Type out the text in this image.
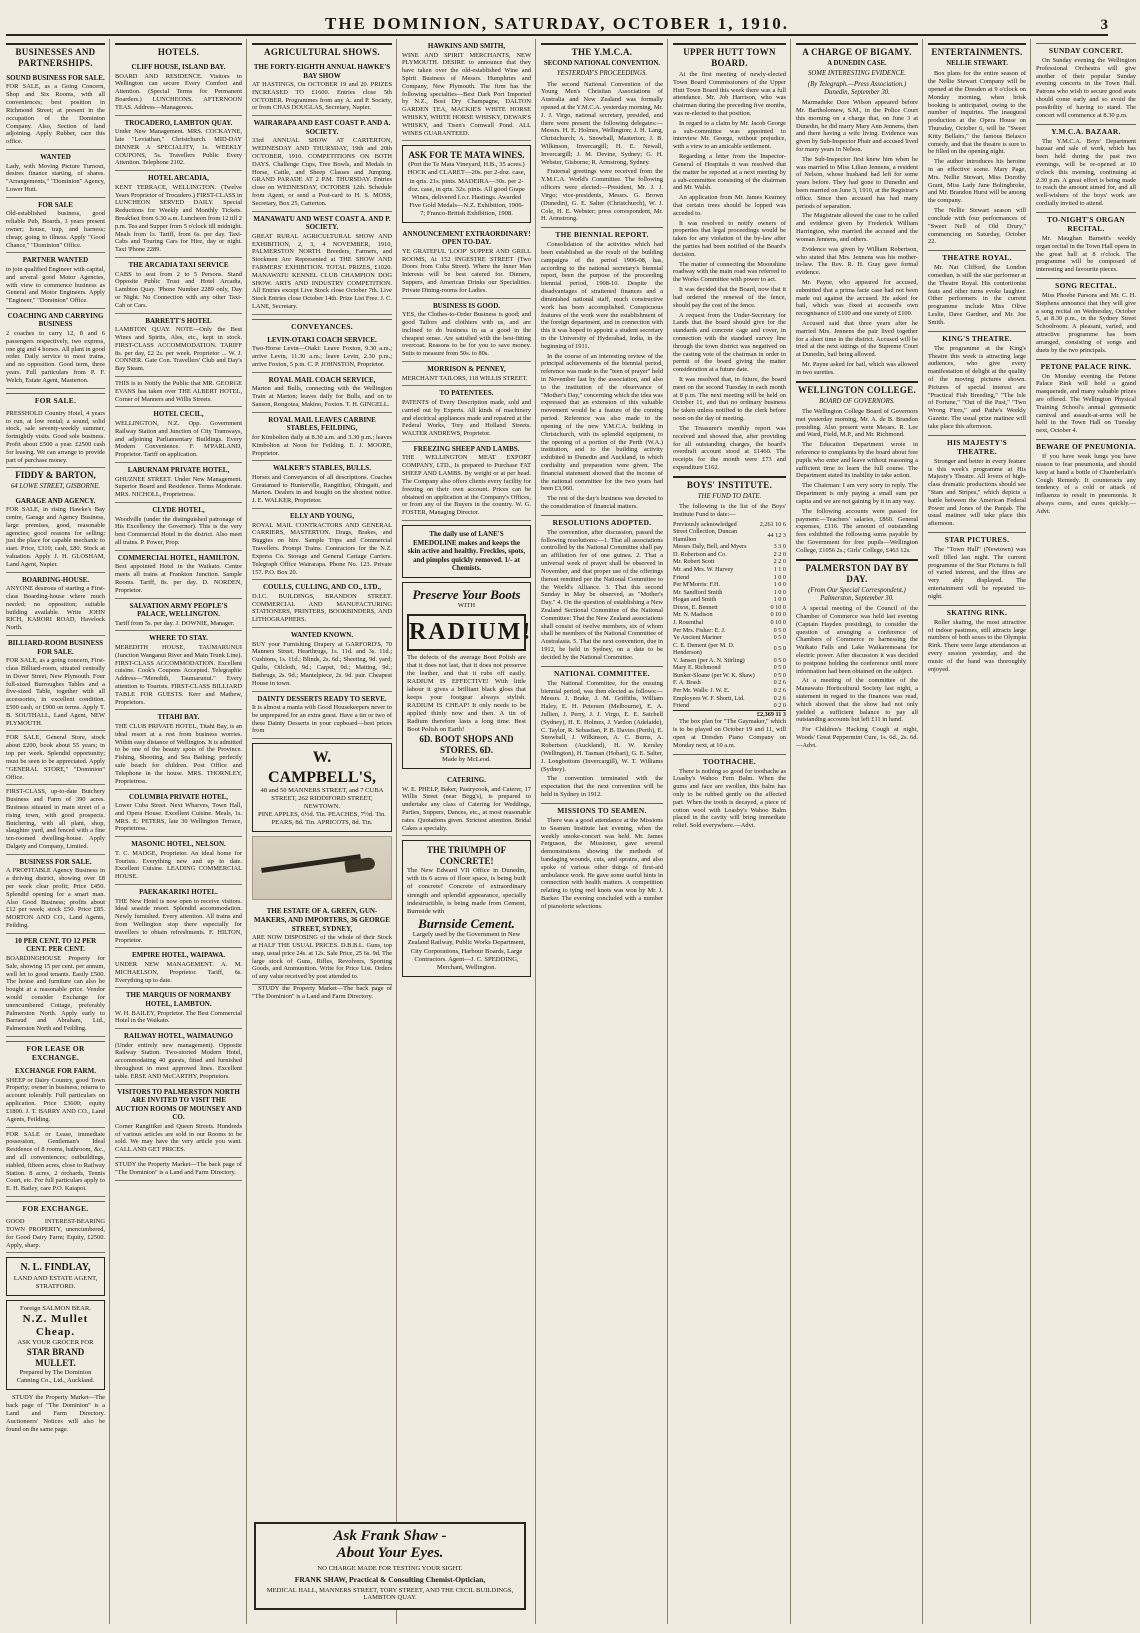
THE DOMINION, SATURDAY, OCTOBER 1, 1910.	3
BUSINESSES AND PARTNERSHIPS.
SOUND BUSINESS FOR SALE.
FOR SALE, as a Going Concern, Shop and Six Rooms, with all conveniences; best position in Richmond Street; at present in the occupation of the Dominion Company. Also, Section of land adjoining. Apply Rubber, care this office.
WANTED
Lady, with Moving Picture Turnout, desires finance starting, of shares. "Arrangements," "Dominion" Agency, Lower Hutt.
FOR SALE
Old-established business, good reliable Pub, Boards, 3 years present owner; house, trap, and harness; cheap; going to illness. Apply "Good Chance," "Dominion" Office.
PARTNER WANTED
to join qualified Engineer with capital, and several good Motor Agencies, with view to commence business as General and Motor Engineers. Apply "Engineer," "Dominion" Office.
COACHING AND CARRYING BUSINESS
2 coaches to carry 12, 8 and 6 passengers respectively, two express, one gig and 4 horses. All plant in good order. Daily service to most trains, and no opposition. Good term, three years. Full particulars from P. F. Welch, Estate Agent, Masterton.
FOR SALE.
PRESSHOLD Country Hotel, 4 years to run, at low rental; a sound, solid stock, sale seventy-weekly summer, fortnightly visits. Good sole business. Profit about £500 a year. £2500 cash for leasing. We can arrange to provide part of purchase money.
FIDDY & BARTON,
64 LOWE STREET, GISBORNE.
GARAGE AND AGENCY.
FOR SALE, in rising Hawke's Bay centre, Garage and Agency Business, large premises, good, reasonable agencies; good reasons for selling; just the place for capable mechanic to start. Price, £310; cash, £80. Stock at valuation. Apply J. H. GLOSHAM, Land Agent, Napier.
BOARDING-HOUSE.
ANYONE desirous of starting a First-class Boarding-house where much needed; no opposition; suitable building available. Write JOHN RICH, KARORI ROAD, Havelock North.
BILLIARD-ROOM BUSINESS FOR SALE.
FOR SALE, as a going concern, First-class Billiard-room, situated centrally in Dover Street, New Plymouth. Four full-sized Burroughes Tables and a five-sized Table, together with all accessories, in excellent condition. £500 cash, or £900 on terms. Apply T. B. SOUTHALL, Land Agent, NEW PLYMOUTH.
FOR SALE, General Store, stock about £200, book about 55 years; in top per week. Splendid opportunity; must be seen to be appreciated. Apply "GENERAL STORE," "Dominion" Office.
FIRST-CLASS, up-to-date Butchery Business and Farm of 390 acres. Business situated in main street of a rising town, with good prospects. Butchering, with all plant, shop, slaughter yard, and fenced with a fine ten-roomed dwelling-house. Apply Dalgety and Company, Limited.
BUSINESS FOR SALE.
A PROFITABLE Agency Business in a thriving district, showing over £8 per week clear profit; Price £450. Splendid opening for a smart man. Also Good Business; profits about £12 per week; stock £50. Price £85. MORTON AND CO., Land Agents, Feilding.
10 PER CENT. TO 12 PER CENT. PER CENT.
BOARDINGHOUSE Property for Sale, showing 15 per cent. per annum, well let to good tenants. Easily £500. The house and furniture can also be bought at a reasonable price. Vendor would consider Exchange for unencumbered Cottage, preferably Palmerston North. Apply early to Barraud and Abraham, Ltd., Palmerston North and Feilding.
FOR LEASE OR EXCHANGE.
EXCHANGE FOR FARM.
SHEEP or Dairy Country, good Town Property; owner in business; returns to account tolerably. Full particulars on application. Price £3600; equity £1800. J. T. BARRY AND CO., Land Agents, Feilding.
FOR SALE or Lease, immediate possession, Gentleman's Ideal Residence of 8 rooms, bathroom, &c., and all conveniences; outbuildings, stabled, fifteen acres, close to Railway Station. 8 acres, 2 orchards, Tennis Court, etc. For full particulars apply to E. H. Bailey, care P.O. Kaiapoi.
FOR EXCHANGE.
GOOD INTEREST-BEARING TOWN PROPERTY, unencumbered, for Good Dairy Farm; Equity, £2500. Apply, sharp.
N. L. FINDLAY,
LAND AND ESTATE AGENT, STRATFORD.
Foreign SALMON BEAR.
N.Z. Mullet Cheap.
ASK YOUR GROCER FOR
STAR BRAND MULLET.
Prepared by The Dominion Canning Co., Ltd., Auckland.
STUDY the Property Market—The back page of "The Dominion" is a Land and Farm Directory. Auctioneers' Notices will also be found on the same page.
HOTELS.
CLIFF HOUSE, ISLAND BAY.
BOARD AND RESIDENCE. Visitors to Wellington can secure Every Comfort and Attention. (Special Terms for Permanent Boarders.) LUNCHEONS. AFTERNOON TEAS. Address—Manageress.
TROCADERO, LAMBTON QUAY.
Under New Management. MRS. COCKAYNE, late "Leviathan," Christchurch. MID-DAY DINNER A SPECIALITY, 1s. WEEKLY COUPONS, 5s. Travellers Public Every Attention. Telephone 2102.
HOTEL ARCADIA,
KENT TERRACE, WELLINGTON. (Twelve Years Proprietor of Trocadero.) FIRST-CLASS in LUNCHEON SERVED DAILY. Special Reductions for Weekly and Monthly Tickets. Breakfast from 6.30 a.m. Luncheon from 12 till 2 p.m. Tea and Supper from 5 o'clock till midnight. Meals from 1s. Tariff, from 6s. per day. Taxi-Cabs and Touring Cars for Hire, day or night. Taxi 'Phone 2289.
THE ARCADIA TAXI SERVICE
CABS to seat from 2 to 5 Persons. Stand Opposite Public Trust and Hotel Arcadia, Lambton Quay. 'Phone Number 2289 only, Day or Night. No Connection with any other Taxi-Cab or Cars.
BARRETT'S HOTEL
LAMBTON QUAY. NOTE—Only the Best Wines and Spirits, Ales, etc., kept in stock. FIRST-CLASS ACCOMMODATION. TARIFF 8s. per day, £2 2s. per week. Proprietor ... W. J. CONNER. Gate Con. Travellers' Club and Day's Bay Steam.
THIS is to Notify the Public that MR. GEORGE EVANS has taken over THE ALBERT HOTEL, Corner of Manners and Willis Streets.
HOTEL CECIL,
WELLINGTON, N.Z. Opp. Government Railway Station and Junction of City Tramways, and adjoining Parliamentary Buildings. Every Modern Convenience. F. M'PARLAND, Proprietor. Tariff on application.
LABURNAM PRIVATE HOTEL,
GHUZNEE STREET. Under New Management. Superior Board and Residence. Terms Moderate. MRS. NICHOLL, Proprietress.
CLYDE HOTEL,
Woodville (under the distinguished patronage of His Excellency the Governor). This is the very best Commercial Hotel in the district. Also meet all trains. P. Power, Prop.
COMMERCIAL HOTEL, HAMILTON.
Best appointed Hotel in the Waikato. Centre meets all trains at Frankton Junction. Sample Rooms. Tariff, 8s. per day. D. NORDEN, Proprietor.
SALVATION ARMY PEOPLE'S PALACE, WELLINGTON.
Tariff from 5s. per day. J. DOWNIE, Manager.
WHERE TO STAY.
MEREDITH HOUSE, TAUMARUNUI (Junction Wanganui River and Main Trunk Line). FIRST-CLASS ACCOMMODATION. Excellent cuisine. Cook's Coupons Accepted. Telegraphic Address—"Meredith, Taumarunui." Every attention to Tourists. FIRST-CLASS BILLIARD TABLE FOR GUESTS. Kerr and Mathew, Proprietors.
TITAHI BAY.
THE CLUB PRIVATE HOTEL, Titahi Bay, is an ideal resort at a rest from business worries. Within easy distance of Wellington. It is admitted to be one of the beauty spots of the Province. Fishing, Shooting, and Sea Bathing; perfectly safe beach for children. Post Office and Telephone in the house. MRS. THORNLEY, Proprietress.
COLUMBIA PRIVATE HOTEL,
Lower Cuba Street. Next Wharves, Town Hall, and Opera House. Excellent Cuisine. Meals, 1s. MRS. E. PETERS, late 30 Wellington Terrace, Proprietress.
MASONIC HOTEL, NELSON.
T. C. MADGE, Proprietor. An ideal home for Tourists. Everything new and up to date. Excellent Cuisine. LEADING COMMERCIAL HOUSE.
PAEKAKARIKI HOTEL.
THE New Hotel is now open to receive visitors. Ideal seaside resort. Splendid accommodation. Newly furnished. Every attention. All trains and from Wellington stop there especially for travellers to obtain refreshments. F. HILTON, Proprietor.
EMPIRE HOTEL, WAIPAWA.
UNDER NEW MANAGEMENT. A. M. MICHAELSON, Proprietor. Tariff, 6s. Everything up to date.
THE MARQUIS OF NORMANBY HOTEL, LAMBTON.
W. H. BAILEY, Proprietor. The Best Commercial Hotel in the Waikato.
RAILWAY HOTEL, WAIMAUNGO
(Under entirely new management). Opposite Railway Station. Two-storied Modern Hotel, accommodating 40 guests, fitted and furnished throughout in most approved lines. Excellent table. ERSE AND McCARTHY, Proprietors.
VISITORS TO PALMERSTON NORTH ARE INVITED TO VISIT THE AUCTION ROOMS OF MOUNSEY AND CO.
Corner Rangitikei and Queen Streets. Hundreds of various articles are sold in our Rooms to be sold. We may have the very article you want. CALL AND GET PRICES.
STUDY the Property Market—The back page of "The Dominion" is a Land and Farm Directory.
AGRICULTURAL SHOWS.
THE FORTY-EIGHTH ANNUAL HAWKE'S BAY SHOW
AT HASTINGS, On OCTOBER 19 and 20. PRIZES INCREASED TO £1600. Entries close 5th OCTOBER. Programmes from any A. and P. Society, or from CHAS DOUGLAS, Secretary, Napier.
WAIRARAPA AND EAST COAST P. AND A. SOCIETY.
33rd ANNUAL SHOW AT CARTERTON, WEDNESDAY AND THURSDAY, 19th and 20th OCTOBER, 1910. COMPETITIONS ON BOTH DAYS. Challenge Cups, Tree Bowls, and Medals in Horse, Cattle, and Sheep Classes and Jumping. GRAND PARADE AT 2 P.M. THURSDAY. Entries close on WEDNESDAY, OCTOBER 12th. Schedule from Agent, or send a Post-card to H. S. MOSS, Secretary, Box 25, Carterton.
MANAWATU AND WEST COAST A. AND P. SOCIETY.
GREAT RURAL AGRICULTURAL SHOW AND EXHIBITION, 2, 3, 4 NOVEMBER, 1910, PALMERSTON NORTH. Breeders, Farmers, and Stockmen Are Represented at THE SHOW AND FARMERS' EXHIBITION. TOTAL PRIZES, £1020. MANAWATU KENNEL CLUB CHAMPION DOG SHOW. ARTS AND INDUSTRY COMPETITION. All Entries except Live Stock close October 7th. Live Stock Entries close October 14th. Prize List Free. J. C. LANE, Secretary.
CONVEYANCES.
LEVIN-OTAKI COACH SERVICE.
Two-Horse Levin—Otaki: Leave Foxton, 9.30 a.m.; arrive Levin, 11.30 a.m.; leave Levin, 2.30 p.m.; arrive Foxton, 5 p.m. C. P. JOHNSTON, Proprietor.
ROYAL MAIL COACH SERVICE,
Marton and Bulls, connecting with the Wellington Train at Marton; leaves daily for Bulls, and on to Sanson, Rongotea, Makino, Foxton. T. H. GINGELL.
ROYAL MAIL LEAVES CARBINE STABLES, FEILDING,
for Kimbolton daily at 8.30 a.m. and 3.30 p.m.; leaves Kimbolton at Noon for Feilding. E. J. MOORE, Proprietor.
WALKER'S STABLES, BULLS.
Horses and Conveyances of all descriptions. Coaches Greatamed to Hunterville, Rangitikei, Ohingaiti, and Marton. Dealers in and bought on the shortest notice. J. E. WALKER, Proprietor.
ELLY AND YOUNG,
ROYAL MAIL CONTRACTORS AND GENERAL CARRIERS, MASTERTON. Drags, Brakes, and Buggies on hire. Sample Trips and Commercial Travellers. Prompt Trains. Contractors for the N.Z. Express Co. Storage and General Cartage Carriers. Telegraph Office Wairarapa. Phone No. 123. Private 157. P.O. Box 20.
COULLS, CULLING, AND CO., LTD.,
D.I.C. BUILDINGS, BRANDON STREET. COMMERCIAL AND MANUFACTURING STATIONERS, PRINTERS, BOOKBINDERS, AND LITHOGRAPHERS.
WANTED KNOWN.
BUY your Furnishing Drapery at GARFORD'S, 70 Manners Street. Hearthrugs, 1s. 11d. and 3s. 11d.; Cushions, 1s. 11d.; Blinds, 2s. 6d.; Sheeting, 9d. yard; Quilts, Oilcloth, 9d.; Carpet, 9d.; Matting, 9d.; Bathrugs, 2s. 9d.; Mantelpiece, 2s. 9d. pair. Cheapest House in town.
DAINTY DESSERTS READY TO SERVE.
It is almost a mania with Good Housekeepers never to be unprepared for an extra guest. Have a tin or two of these Dainty Desserts in your cupboard—best prices from
W. CAMPBELL'S,
48 and 50 MANNERS STREET, and 7 CUBA STREET, 262 RIDDIFORD STREET, NEWTOWN.
PINE APPLES, 6½d. Tin. PEACHES, 7½d. Tin. PEARS, 8d. Tin. APRICOTS, 8d. Tin.
THE ESTATE OF A. GREEN, GUN-MAKERS, AND IMPORTERS, 36 GEORGE STREET, SYDNEY,
ARE NOW DISPOSING of the whole of their Stock at HALF THE USUAL PRICES. D.B.B.L. Guns, top snap, usual price 24s. at 12s. Sale Price, 25 6s. 9d. The large stock of Guns, Rifles, Revolvers, Sporting Goods, and Ammunition. Write for Price List. Orders of any value received by post attended to.
STUDY the Property Market—The back page of "The Dominion" is a Land and Farm Directory.
HAWKINS AND SMITH,
WINE AND SPIRIT MERCHANTS, NEW PLYMOUTH. DESIRE to announce that they have taken over the old-established Wine and Spirit Business of Messrs. Humphries and Company, New Plymouth. The firm has the following specialties—Best Dark Port Imported by N.Z., Bost Dry Champagne, DALTON GARDEN TEA, MACKIE'S WHITE HORSE WHISKY, WHITE HORSE WHISKY, DEWAR'S WHISKY, and Tisen's Cornwall Pond. ALL WINES GUARANTEED.
ASK FOR TE MATA WINES.
(Port the Te Mata Vineyard, H.B., 35 acres.) HOCK and CLARET—20s. per 2-doz. case, in qrts. 21s. pints. MADEIRA—30s. per 2-doz. case, in qrts. 32s. pints. All good Grape Wines, delivered f.o.r. Hastings. Awarded Five Gold Medals—N.Z. Exhibition, 1906-7; Franco-British Exhibition, 1908.
ANNOUNCEMENT EXTRAORDINARY! OPEN TO-DAY.
YE GRATEFUL 'LOOP' SUPPER AND GRILL ROOMS, At 152 INGESTRE STREET (Two Doors from Cuba Street). Where the Inner Man Interests will be best catered for. Dinners, Suppers, and American Drinks our Specialities. Private Dining-rooms for Ladies.
BUSINESS IS GOOD.
YES, the Clothes-to-Order Business is good; and good Tailors and clothiers with us, and are inclined to do business in as a good in the cheapest sense. Are satisfied with the best-fitting overcoat. Reasons to be for you to save money. Suits to measure from 50s. to 80s.
MORRISON & PENNEY,
MERCHANT TAILORS, 118 WILLIS STREET.
TO PATENTEES.
PATENTS of Every Description made, sold and carried out by Experts. All kinds of machinery and electrical appliances made and repaired at the Federal Works, Tory and Holland Streets. WALTER ANDREWS, Proprietor.
FREEZING SHEEP AND LAMBS.
THE WELLINGTON MEAT EXPORT COMPANY, LTD., Is prepared to Purchase FAT SHEEP AND LAMBS. By weight or at per head. The Company also offers clients every facility for freezing on their own account. Prices can be obtained on application at the Company's Offices, or from any of the Buyers in the country. W. G. FOSTER, Managing Director.
The daily use of LANE'S EMEDOLINE makes and keeps the skin active and healthy. Freckles, spots, and pimples quickly removed. 1/- at Chemists.
Preserve Your Boots
WITH
RADIUM!
The defects of the average Boot Polish are that it does not last, that it does not preserve the leather, and that it rubs off easily. RADIUM IS EFFECTIVE! With little labour it gives a brilliant black gloss that keeps your footgear always stylish. RADIUM IS CHEAP! It only needs to be applied thinly now and then. A tin of Radium therefore lasts a long time. Best Boot Polish on Earth!
6D. BOOT SHOPS AND STORES. 6D.
Made by McLeod.
CATERING.
W. E. PHELP, Baker, Pastrycook, and Caterer, 17 Willis Street (near Begg's), is prepared to undertake any class of Catering for Weddings, Parties, Suppers, Dances, etc., at most reasonable rates. Quotations given. Strictest attention. Bridal Cakes a specialty.
THE TRIUMPH OF CONCRETE!
The New Edward VII Office in Dunedin, with its 6 acres of floor space, is being built of concrete! Concrete of extraordinary strength and splendid appearance, specially indestructible, is being made from Cement, Burnside with
Burnside Cement.
Largely used by the Government in New Zealand Railway, Public Works Department, City Corporations, Harbour Boards, Large Contractors. Agent—J. C. SPEDDING, Merchant, Wellington.
THE Y.M.C.A.
SECOND NATIONAL CONVENTION.
YESTERDAY'S PROCEEDINGS.
The second National Convention of the Young Men's Christian Associations of Australia and New Zealand was formally opened at the Y.M.C.A. yesterday morning, Mr. J. J. Virgo, national secretary, presided, and there were present the following delegates:—Messrs. H. E. Holmes, Wellington; J. H. Lang, Christchurch; A. Snowball, Masterton; J. B. Wilkinson, Invercargill; H. E. Newall, Invercargill; J. M. Devine, Sydney; G. H. Webster, Gisborne; R. Armstrong, Sydney.
Fraternal greetings were received from the Y.M.C.A. World's Committee. The following officers were elected:—President, Mr. J. J. Virgo; vice-presidents, Messrs. G. Brown (Dunedin), G. E. Salter (Christchurch), W. J. Cole, H. E. Webster; press correspondent, Mr. H. Armstrong.
THE BIENNIAL REPORT.
Consolidation of the activities which had been established as the result of the building campaigns of the period 1906-08, has, according to the national secretary's biennial report, been the purpose of the proceeding biennial period, 1908-10. Despite the disadvantages of straitened finances and a diminished national staff, much constructive work has been accomplished. Conspicuous features of the work were the establishment of the foreign department, and in connection with this it was hoped to appoint a student secretary in the University of Hyderabad, India, in the beginning of 1911.
In the course of an interesting review of the principal achievements of the biennial period, reference was made to the "teen of prayer" held in November last by the association, and also to the institution of the observance of "Mother's Day," concerning which the idea was expressed that an extension of this valuable movement would be a feature of the coming period. Reference was also made to the opening of the new Y.M.C.A. building in Christchurch, with its splendid equipment, to the opening of a portion of the Perth (W.A.) institution, and to the building activity exhibited in Dunedin and Auckland, in which cordiality and preparation were given. The financial statement showed that the income of the national committee for the two years had been £3,960.
The rest of the day's business was devoted to the consideration of financial matters.
RESOLUTIONS ADOPTED.
The convention, after discussion, passed the following resolutions:—1. That all associations controlled by the National Committee shall pay an affiliation fee of one guinea. 2. That a universal week of prayer shall be observed in November, and that proper use of the offerings thereat remitted per the National Committee to the World's Alliance. 3. That this second Sunday in May be observed, as "Mother's Day." 4. On the question of establishing a New Zealand Sectional Committee of the National Committee: That the New Zealand associations shall consist of twelve members, six of whom shall be members of the National Committee of Australasia. 5. That the next convention, due in 1912, be held in Sydney, on a date to be decided by the National Committee.
NATIONAL COMMITTEE.
The National Committee, for the ensuing biennial period, was then elected as follows:—Messrs. J. Brake, J. M. Griffiths, William Haley, E. H. Petersen (Melbourne), E. A. Jullien, J. Perry, J. J. Virgo, E. E. Satchell (Sydney), H. E. Holmes, J. Vardon (Adelaide), C. Taylor, R. Sebastian, P. B. Davies (Perth), E. Snowball, J. Wilkinson, A. C. Burns, A. Robertson (Auckland), H. W. Kersley (Wellington), H. Tasman (Hobart), G. E. Salter, J. Longbottom (Invercargill), W. T. Williams (Sydney).
The convention terminated with the expectation that the next convention will be held in Sydney in 1912.
MISSIONS TO SEAMEN.
There was a good attendance at the Missions to Seamen Institute last evening, when the weekly smoke-concert was held. Mr. James Ferguson, the Missioner, gave several demonstrations showing the methods of bandaging wounds, cuts, and sprains, and also spoke of various other things of first-aid ambulance work. He gave some useful hints in connection with health matters. A competition relating to tying reef knots was won by Mr. J. Barker. The evening concluded with a number of pianoforte selections.
UPPER HUTT TOWN BOARD.
At the first meeting of newly-elected Town Board Commissioners of the Upper Hutt Town Board this week there was a full attendance. Mr. Job Harrison, who was chairman during the preceding five months, was re-elected to that position.
In regard to a claim by Mr. Jacob George a sub-committee was appointed to interview Mr. George, without prejudice, with a view to an amicable settlement.
Regarding a letter from the Inspector-General of Hospitals it was resolved that the matter be reported at a next meeting by a sub-committee consisting of the chairman and Mr. Walsh.
An application from Mr. James Kearney that certain trees should be lopped was acceded to.
It was resolved to notify owners of properties that legal proceedings would be taken for any violation of the by-law after the parties had been notified of the Board's decision.
The matter of connecting the Moonshine roadway with the main road was referred to the Works Committee with power to act.
It was decided that the Board, now that it had ordered the renewal of the fence, should pay the cost of the fence.
A request from the Under-Secretary for Lands that the board should give for the standards and concrete cage and cover, in connection with the standard survey line through the town district was negatived on the casting vote of the chairman in order to permit of the board giving the matter consideration at a future date.
It was resolved that, in future, the board meet on the second Tuesday in each month at 8 p.m. The next meeting will be held on October 11, and that no ordinary business be taken unless notified to the clerk before noon on the day of meeting.
The Treasurer's monthly report was received and showed that, after providing for all outstanding charges, the board's overdraft account stood at £1460. The receipts for the month were £73 and expenditure £162.
BOYS' INSTITUTE.
THE FUND TO DATE.
The following is the list of the Boys' Institute Fund to date:—
Previously acknowledged	2,261 10 6
Street Collection, Duncan Hamilton	44 12 3
Messrs Daly, Bell, and Myers	3 3 0
D. Robertson and Co.	2 2 0
Mr. Robert Scott	2 2 0
Mr. and Mrs. W. Harvey	1 1 0
Friend	1 0 0
Per M'Morris: F.H.	1 0 0
Mr. Sandford Smith	1 0 0
Hogan and Smith	1 0 0
Dixon, E. Bennett	0 10 0
Mr. N. Madison	0 10 0
J. Rosenthal	0 10 0
Per Mrs. Fisher: E. J.	0 5 0
Ye Ancient Mariner	0 5 0
C. E. Dement (per M. D. Henderson)	0 5 0
V. Jansen (per A. N. Stirling)	0 5 0
Mary E. Richmond	0 5 0
Bunker-Sloane (per W. K. Shaw)	0 5 0
F. A. Brash	0 2 6
Per Mr. Walls: J. W. E.	0 2 6
Employees W. F. Shortt, Ltd.	0 2 6
Friend	0 2 0
	£2,369 11 3
The box plan for "The Gaymaker," which is to be played on October 19 and 11, will open at Dresden Piano Company on Monday next, at 10 a.m.
TOOTHACHE.
There is nothing so good for toothache as Loasby's Wahoo Fern Balm. When the gums and face are swollen, this balm has only to be rubbed gently on the affected part. When the tooth is decayed, a piece of cotton wool with Loasby's Wahoo Balm placed in the cavity will bring immediate relief. Sold everywhere.—Advt.
A CHARGE OF BIGAMY.
A DUNEDIN CASE.
SOME INTERESTING EVIDENCE.
(By Telegraph.—Press Association.) Dunedin, September 30.
Marmaduke Dore Wilson appeared before Mr. Bartholomew, S.M., in the Police Court this morning on a charge that, on June 3 at Dunedin, he did marry Mary Ann Jennens, then and there having a wife living. Evidence was given by Sub-Inspector Phair and accused lived for many years in Nelson.
The Sub-Inspector first knew him when he was married to Miss Lilian Jennens, a resident of Nelson, whose husband had left for some years before. They had gone to Dunedin and been married on June 3, 1910, at the Registrar's office. Since then accused has had many periods of separation.
The Magistrate allowed the case to be called and evidence given by Frederick William Harrington, who married the accused and the woman Jennens, and others.
Evidence was given by William Robertson, who stated that Mrs. Jennens was his mother-in-law. The Rev. R. H. Gray gave formal evidence.
Mr. Payne, who appeared for accused, submitted that a prima facie case had not been made out against the accused. He asked for bail, which was fixed at accused's own recognisance of £100 and one surety of £100.
Accused said that three years after he married Mrs. Jennens the pair lived together for a short time in the district. Accused will be tried at the next sittings of the Supreme Court at Dunedin, bail being allowed.
Mr. Payne asked for bail, which was allowed in two sureties.
WELLINGTON COLLEGE.
BOARD OF GOVERNORS.
The Wellington College Board of Governors met yesterday morning, Mr. A. de B. Brandon presiding. Also present were Messrs. R. Lee and Ward, Field, M.P., and Mr. Richmond.
The Education Department wrote in reference to complaints by the board about free pupils who enter and leave without reasoning a sufficient time to learn the full course. The Department stated its inability to take action.
The Chairman: I am very sorry to reply. The Department is only paying a small sum per capita and we are not gaining by it in any way.
The following accounts were passed for payment:—Teachers' salaries, £860. General expenses, £116. The amount of outstanding fees exhibited the following sums payable by the Government for free pupils—Wellington College, £1056 2s.; Girls' College, £463 12s.
PALMERSTON DAY BY DAY.
(From Our Special Correspondent.) Palmerston, September 30.
A special meeting of the Council of the Chamber of Commerce was held last evening (Captain Hayden presiding), to consider the question of arranging a conference of Chambers of Commerce re harnessing the Waikato Falls and Lake Waikaremoana for electric power. After discussion it was decided to postpone holding the conference until more information had been obtained on the subject.
At a meeting of the committee of the Manawatu Horticultural Society last night, a statement in regard to the finances was read, which showed that the show had not only yielded a sufficient balance to pay all outstanding accounts but left £11 in hand.
For Children's Hacking Cough at night, Woods' Great Peppermint Cure, 1s. 6d., 2s. 6d.—Advt.
ENTERTAINMENTS.
NELLIE STEWART.
Box plans for the entire season of the Nellie Stewart Company will be opened at the Dresden at 9 o'clock on Monday morning, when brisk booking is anticipated, owing to the number of inquiries. The inaugural production at the Opera House on Thursday, October 6, will be "Sweet Kitty Bellairs," the famous Belasco comedy, and that the theatre is sure to be filled on the opening night.
The author introduces his heroine in an effective scene. Mary Page, Mrs. Nellie Stewart, Miss Dorothy Grant, Miss Lady Jane Bolingbroke, and Mr. Brandon Hurst will be among the company.
The Nellie Stewart season will conclude with four performances of "Sweet Nell of Old Drury," commencing on Saturday, October 22.
THEATRE ROYAL.
Mr. Nat Clifford, the London comedian, is still the star performer at the Theatre Royal. His contortionist feats and other turns evoke laughter. Other performers in the current programme include Miss Olive Leslie, Dave Gardner, and Mr. Joe Smith.
KING'S THEATRE.
The programme at the King's Theatre this week is attracting large audiences, who give every manifestation of delight at the quality of the moving pictures shown. Pictures of special interest are "Practical Fish Breeding," "The Isle of Fortune," "Out of the Past," "Two Wrong Fires," and Pathe's Weekly Gazette. The usual prize matinee will take place this afternoon.
HIS MAJESTY'S THEATRE.
Stronger and better in every feature is this week's programme at His Majesty's Theatre. All lovers of high-class dramatic productions should see "Stars and Stripes," which depicts a battle between the American Federal Power and Jones of the Panjab. The usual matinee will take place this afternoon.
STAR PICTURES.
The "Town Hall" (Newtown) was well filled last night. The current programme of the Star Pictures is full of varied interest, and the films are very ably displayed. The entertainment will be repeated to-night.
SKATING RINK.
Roller skating, the most attractive of indoor pastimes, still attracts large numbers of both sexes to the Olympia Rink. There were large attendances at every session yesterday, and the music of the band was thoroughly enjoyed.
SUNDAY CONCERT.
On Sunday evening the Wellington Professional Orchestra will give another of their popular Sunday evening concerts in the Town Hall. Patrons who wish to secure good seats should come early and so avoid the possibility of having to stand. The concert will commence at 8.30 p.m.
Y.M.C.A. BAZAAR.
The Y.M.C.A. Boys' Department bazaar and sale of work, which has been held during the past two evenings, will be re-opened at 10 o'clock this morning, continuing at 2.30 p.m. A great effort is being made to reach the amount aimed for, and all well-wishers of the boys' work are cordially invited to attend.
TO-NIGHT'S ORGAN RECITAL.
Mr. Maughan Barnett's weekly organ recital in the Town Hall opens in the great hall at 8 o'clock. The programme will be composed of interesting and favourite pieces.
SONG RECITAL.
Miss Phoebe Parsons and Mr. C. H. Stephens announce that they will give a song recital on Wednesday, October 5, at 8.30 p.m., in the Sydney Street Schoolroom. A pleasant, varied, and attractive programme has been arranged, consisting of songs and duets by the two principals.
PETONE PALACE RINK.
On Monday evening the Petone Palace Rink will hold a grand masquerade, and many valuable prizes are offered. The Wellington Physical Training School's annual gymnastic carnival and assault-at-arms will be held in the Town Hall on Tuesday next, October 4.
BEWARE OF PNEUMONIA.
If you have weak lungs you have reason to fear pneumonia, and should keep at hand a bottle of Chamberlain's Cough Remedy. It counteracts any tendency of a cold or attack of influenza to result in pneumonia. It always cures, and cures quickly.—Advt.
Ask Frank Shaw -
About Your Eyes.
NO CHARGE MADE FOR TESTING YOUR SIGHT.
FRANK SHAW, Practical & Consulting Chemist-Optician,
MEDICAL HALL, MANNERS STREET, TORY STREET, AND THE CECIL BUILDINGS, LAMBTON QUAY.
